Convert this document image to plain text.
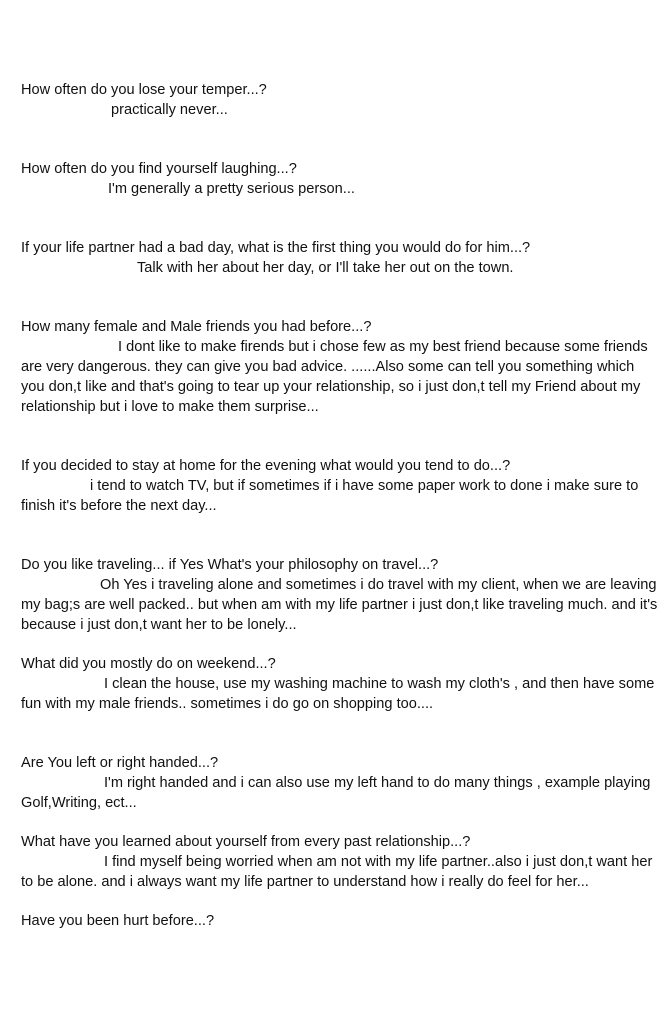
How often do you lose your temper...?

practically never...

How often do you find yourself laughing...?

I'm generally a pretty serious person...

If your life partner had a bad day, what is the first thing you would do for him...?

Talk with her about her day, or I'll take her out on the town.

How many female and Male friends you had before...?

I dont like to make firends but i chose few as my best friend because some friends are very dangerous. they can give you bad advice. ......Also some can tell you something which you don,t like and that's going to tear up your relationship, so i just don,t tell my Friend about my relationship but i love to make them surprise...

If you decided to stay at home for the evening what would you tend to do...?

i tend to watch TV, but if sometimes if i have some paper work to done i make sure to finish it's before the next day...

Do you like traveling... if Yes What's your philosophy on travel...?

Oh Yes i traveling alone and sometimes i do travel with my client, when we are leaving my bag;s are well packed.. but when am with my life partner i just don,t like traveling much. and it's because i just don,t want her to be lonely...

What did you mostly do on weekend...?

I clean the house, use my washing machine to wash my cloth's , and then have some fun with my male friends.. sometimes i do go on shopping too....

Are You left or right handed...?

I'm right handed and i can also use my left hand to do many things , example playing Golf,Writing, ect...

What have you learned about yourself from every past relationship...?

I find myself being worried when am not with my life partner..also i just don,t want her to be alone. and i always want my life partner to understand how i really do feel for her...

Have you been hurt before...?
